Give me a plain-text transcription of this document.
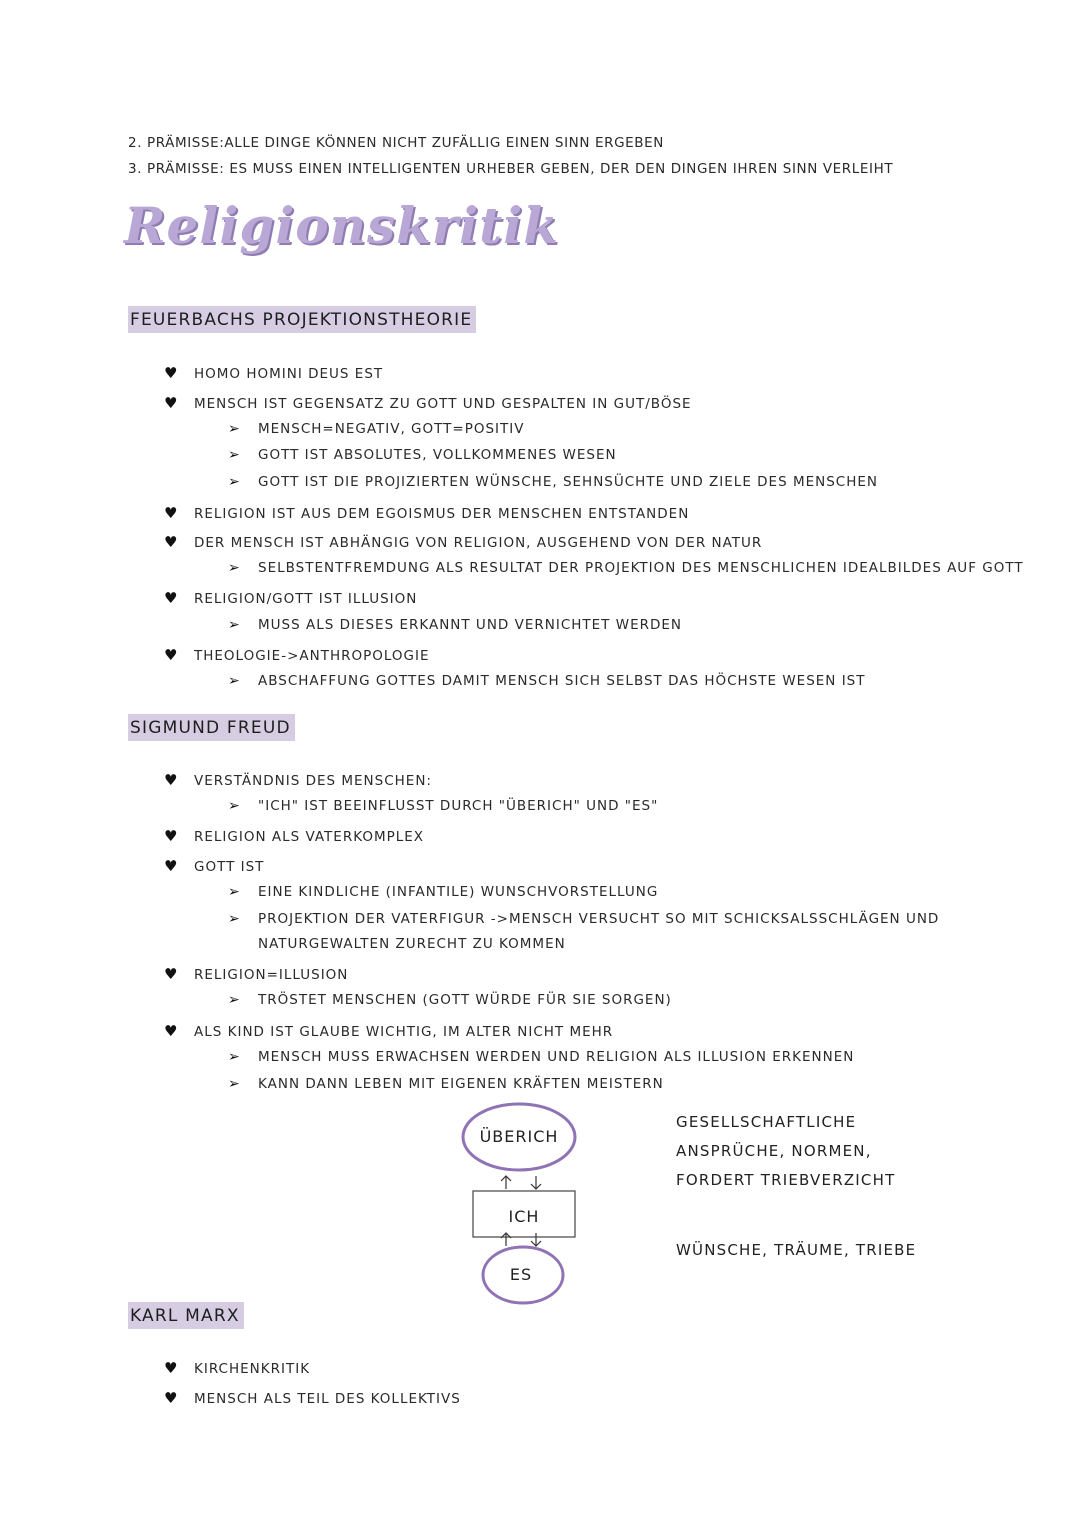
2. PRÄMISSE:ALLE DINGE KÖNNEN NICHT ZUFÄLLIG EINEN SINN ERGEBEN
3. PRÄMISSE: ES MUSS EINEN INTELLIGENTEN URHEBER GEBEN, DER DEN DINGEN IHREN SINN VERLEIHT
Religionskritik
FEUERBACHS PROJEKTIONSTHEORIE
♥ HOMO HOMINI DEUS EST
♥ MENSCH IST GEGENSATZ ZU GOTT UND GESPALTEN IN GUT/BÖSE
➢ MENSCH=NEGATIV, GOTT=POSITIV
➢ GOTT IST ABSOLUTES, VOLLKOMMENES WESEN
➢ GOTT IST DIE PROJIZIERTEN WÜNSCHE, SEHNSÜCHTE UND ZIELE DES MENSCHEN
♥ RELIGION IST AUS DEM EGOISMUS DER MENSCHEN ENTSTANDEN
♥ DER MENSCH IST ABHÄNGIG VON RELIGION, AUSGEHEND VON DER NATUR
➢ SELBSTENTFREMDUNG ALS RESULTAT DER PROJEKTION DES MENSCHLICHEN IDEALBILDES AUF GOTT
♥ RELIGION/GOTT IST ILLUSION
➢ MUSS ALS DIESES ERKANNT UND VERNICHTET WERDEN
♥ THEOLOGIE->ANTHROPOLOGIE
➢ ABSCHAFFUNG GOTTES DAMIT MENSCH SICH SELBST DAS HÖCHSTE WESEN IST
SIGMUND FREUD
♥ VERSTÄNDNIS DES MENSCHEN:
➢ "ICH" IST BEEINFLUSST DURCH "ÜBERICH" UND "ES"
♥ RELIGION ALS VATERKOMPLEX
♥ GOTT IST
➢ EINE KINDLICHE (INFANTILE) WUNSCHVORSTELLUNG
➢ PROJEKTION DER VATERFIGUR ->MENSCH VERSUCHT SO MIT SCHICKSALSSCHLÄGEN UND
NATURGEWALTEN ZURECHT ZU KOMMEN
♥ RELIGION=ILLUSION
➢ TRÖSTET MENSCHEN (GOTT WÜRDE FÜR SIE SORGEN)
♥ ALS KIND IST GLAUBE WICHTIG, IM ALTER NICHT MEHR
➢ MENSCH MUSS ERWACHSEN WERDEN UND RELIGION ALS ILLUSION ERKENNEN
➢ KANN DANN LEBEN MIT EIGENEN KRÄFTEN MEISTERN
ÜBERICH
ICH
ES
GESELLSCHAFTLICHE
ANSPRÜCHE, NORMEN,
FORDERT TRIEBVERZICHT
WÜNSCHE, TRÄUME, TRIEBE
KARL MARX
♥ KIRCHENKRITIK
♥ MENSCH ALS TEIL DES KOLLEKTIVS
